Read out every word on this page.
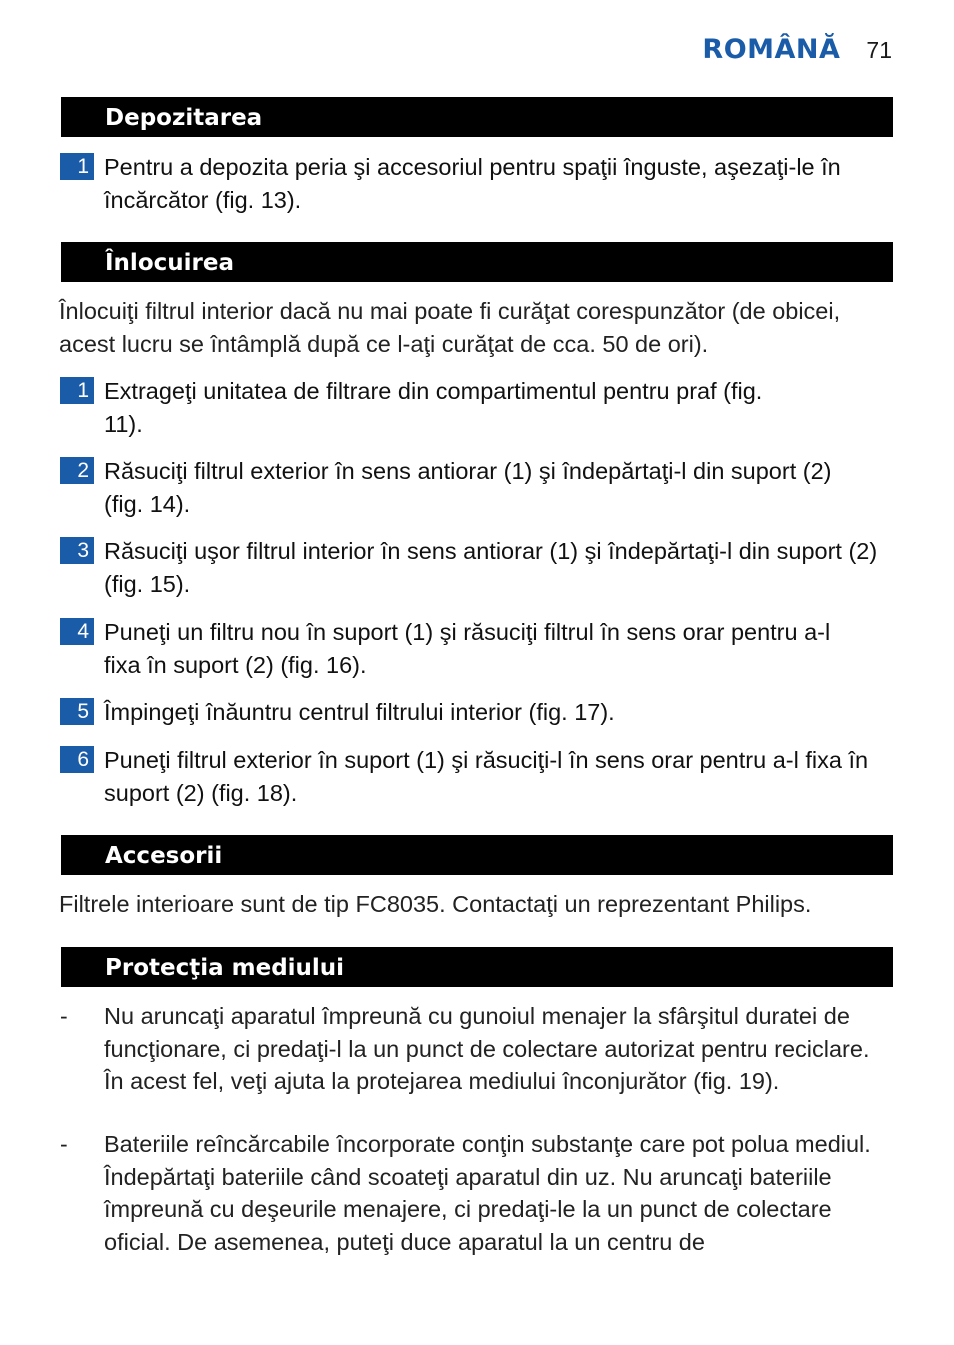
ROMÂNĂ 71
Depozitarea
1 Pentru a depozita peria şi accesoriul pentru spaţii înguste, aşezaţi-le în încărcător (fig. 13).
Înlocuirea
Înlocuiţi filtrul interior dacă nu mai poate fi curăţat corespunzător (de obicei, acest lucru se întâmplă după ce l-aţi curăţat de cca. 50 de ori).
1 Extrageţi unitatea de filtrare din compartimentul pentru praf (fig. 11).
2 Răsuciţi filtrul exterior în sens antiorar (1) şi îndepărtaţi-l din suport (2) (fig. 14).
3 Răsuciţi uşor filtrul interior în sens antiorar (1) şi îndepărtaţi-l din suport (2) (fig. 15).
4 Puneţi un filtru nou în suport (1) şi răsuciţi filtrul în sens orar pentru a-l fixa în suport (2) (fig. 16).
5 Împingeţi înăuntru centrul filtrului interior (fig. 17).
6 Puneţi filtrul exterior în suport (1) şi răsuciţi-l în sens orar pentru a-l fixa în suport (2) (fig. 18).
Accesorii
Filtrele interioare sunt de tip FC8035. Contactaţi un reprezentant Philips.
Protecţia mediului
- Nu aruncaţi aparatul împreună cu gunoiul menajer la sfârşitul duratei de funcţionare, ci predaţi-l la un punct de colectare autorizat pentru reciclare. În acest fel, veţi ajuta la protejarea mediului înconjurător (fig. 19).
- Bateriile reîncărcabile încorporate conţin substanţe care pot polua mediul. Îndepărtaţi bateriile când scoateţi aparatul din uz. Nu aruncaţi bateriile împreună cu deşeurile menajere, ci predaţi-le la un punct de colectare oficial. De asemenea, puteţi duce aparatul la un centru de
